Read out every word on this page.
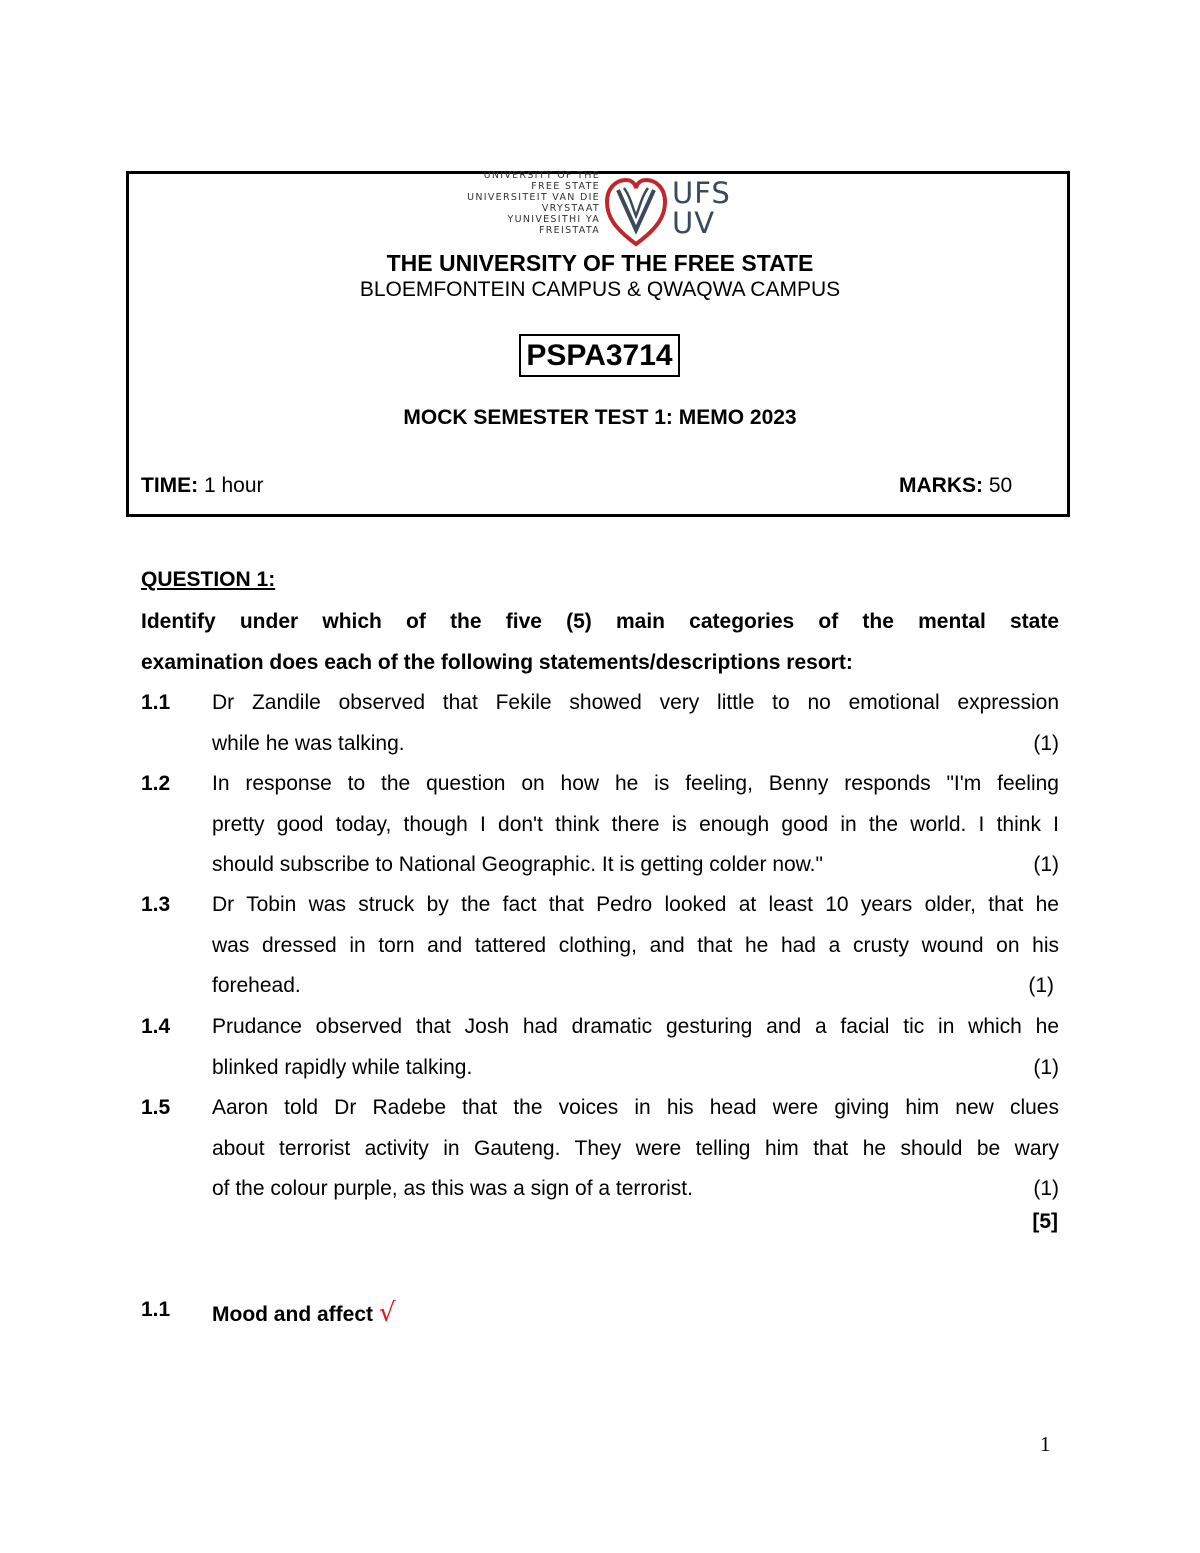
UNIVERSITY OF THE
FREE STATE
UNIVERSITEIT VAN DIE
VRYSTAAT
YUNIVESITHI YA
FREISTATA
UFS
UV
THE UNIVERSITY OF THE FREE STATE
BLOEMFONTEIN CAMPUS & QWAQWA CAMPUS
PSPA3714
MOCK SEMESTER TEST 1: MEMO 2023
TIME: 1 hour	MARKS: 50
QUESTION 1:
Identify under which of the five (5) main categories of the mental state
examination does each of the following statements/descriptions resort:
1.1 Dr Zandile observed that Fekile showed very little to no emotional expression
while he was talking.	(1)
1.2 In response to the question on how he is feeling, Benny responds "I'm feeling
pretty good today, though I don't think there is enough good in the world. I think I
should subscribe to National Geographic. It is getting colder now."	(1)
1.3 Dr Tobin was struck by the fact that Pedro looked at least 10 years older, that he
was dressed in torn and tattered clothing, and that he had a crusty wound on his
forehead.	(1)
1.4 Prudance observed that Josh had dramatic gesturing and a facial tic in which he
blinked rapidly while talking.	(1)
1.5 Aaron told Dr Radebe that the voices in his head were giving him new clues
about terrorist activity in Gauteng. They were telling him that he should be wary
of the colour purple, as this was a sign of a terrorist.	(1)
[5]
1.1 Mood and affect √
1
